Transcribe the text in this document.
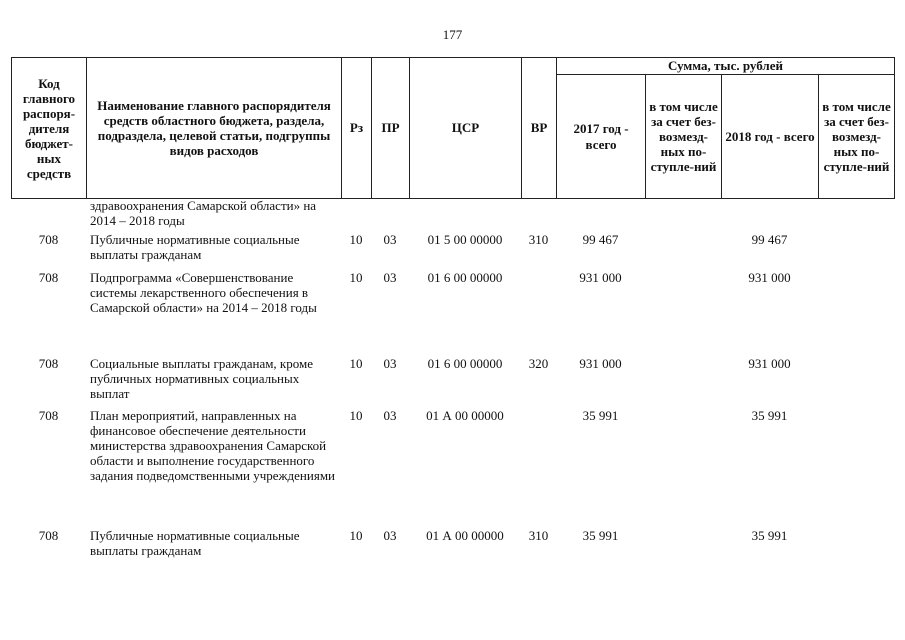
177
Код главного распоря-дителя бюджет-ных средств	Наименование главного распорядителя средств областного бюджета, раздела, подраздела, целевой статьи, подгруппы видов расходов	Рз	ПР	ЦСР	ВР	Сумма, тыс. рублей			
						2017 год - всего	в том числе за счет без-возмезд-ных по-ступле-ний	2018 год - всего	в том числе за счет без-возмезд-ных по-ступле-ний
	здравоохранения Самарской области» на 2014 – 2018 годы								
708	Публичные нормативные социальные выплаты гражданам	10	03	01 5 00 00000	310	99 467		99 467	
708	Подпрограмма «Совершенствование системы лекарственного обеспечения в Самарской области» на 2014 – 2018 годы	10	03	01 6 00 00000		931 000		931 000	
708	Социальные выплаты гражданам, кроме публичных нормативных социальных выплат	10	03	01 6 00 00000	320	931 000		931 000	
708	План мероприятий, направленных на финансовое обеспечение деятельности министерства здравоохранения Самарской области и выполнение государственного задания подведомственными учреждениями	10	03	01 А 00 00000		35 991		35 991	
708	Публичные нормативные социальные выплаты гражданам	10	03	01 А 00 00000	310	35 991		35 991	
